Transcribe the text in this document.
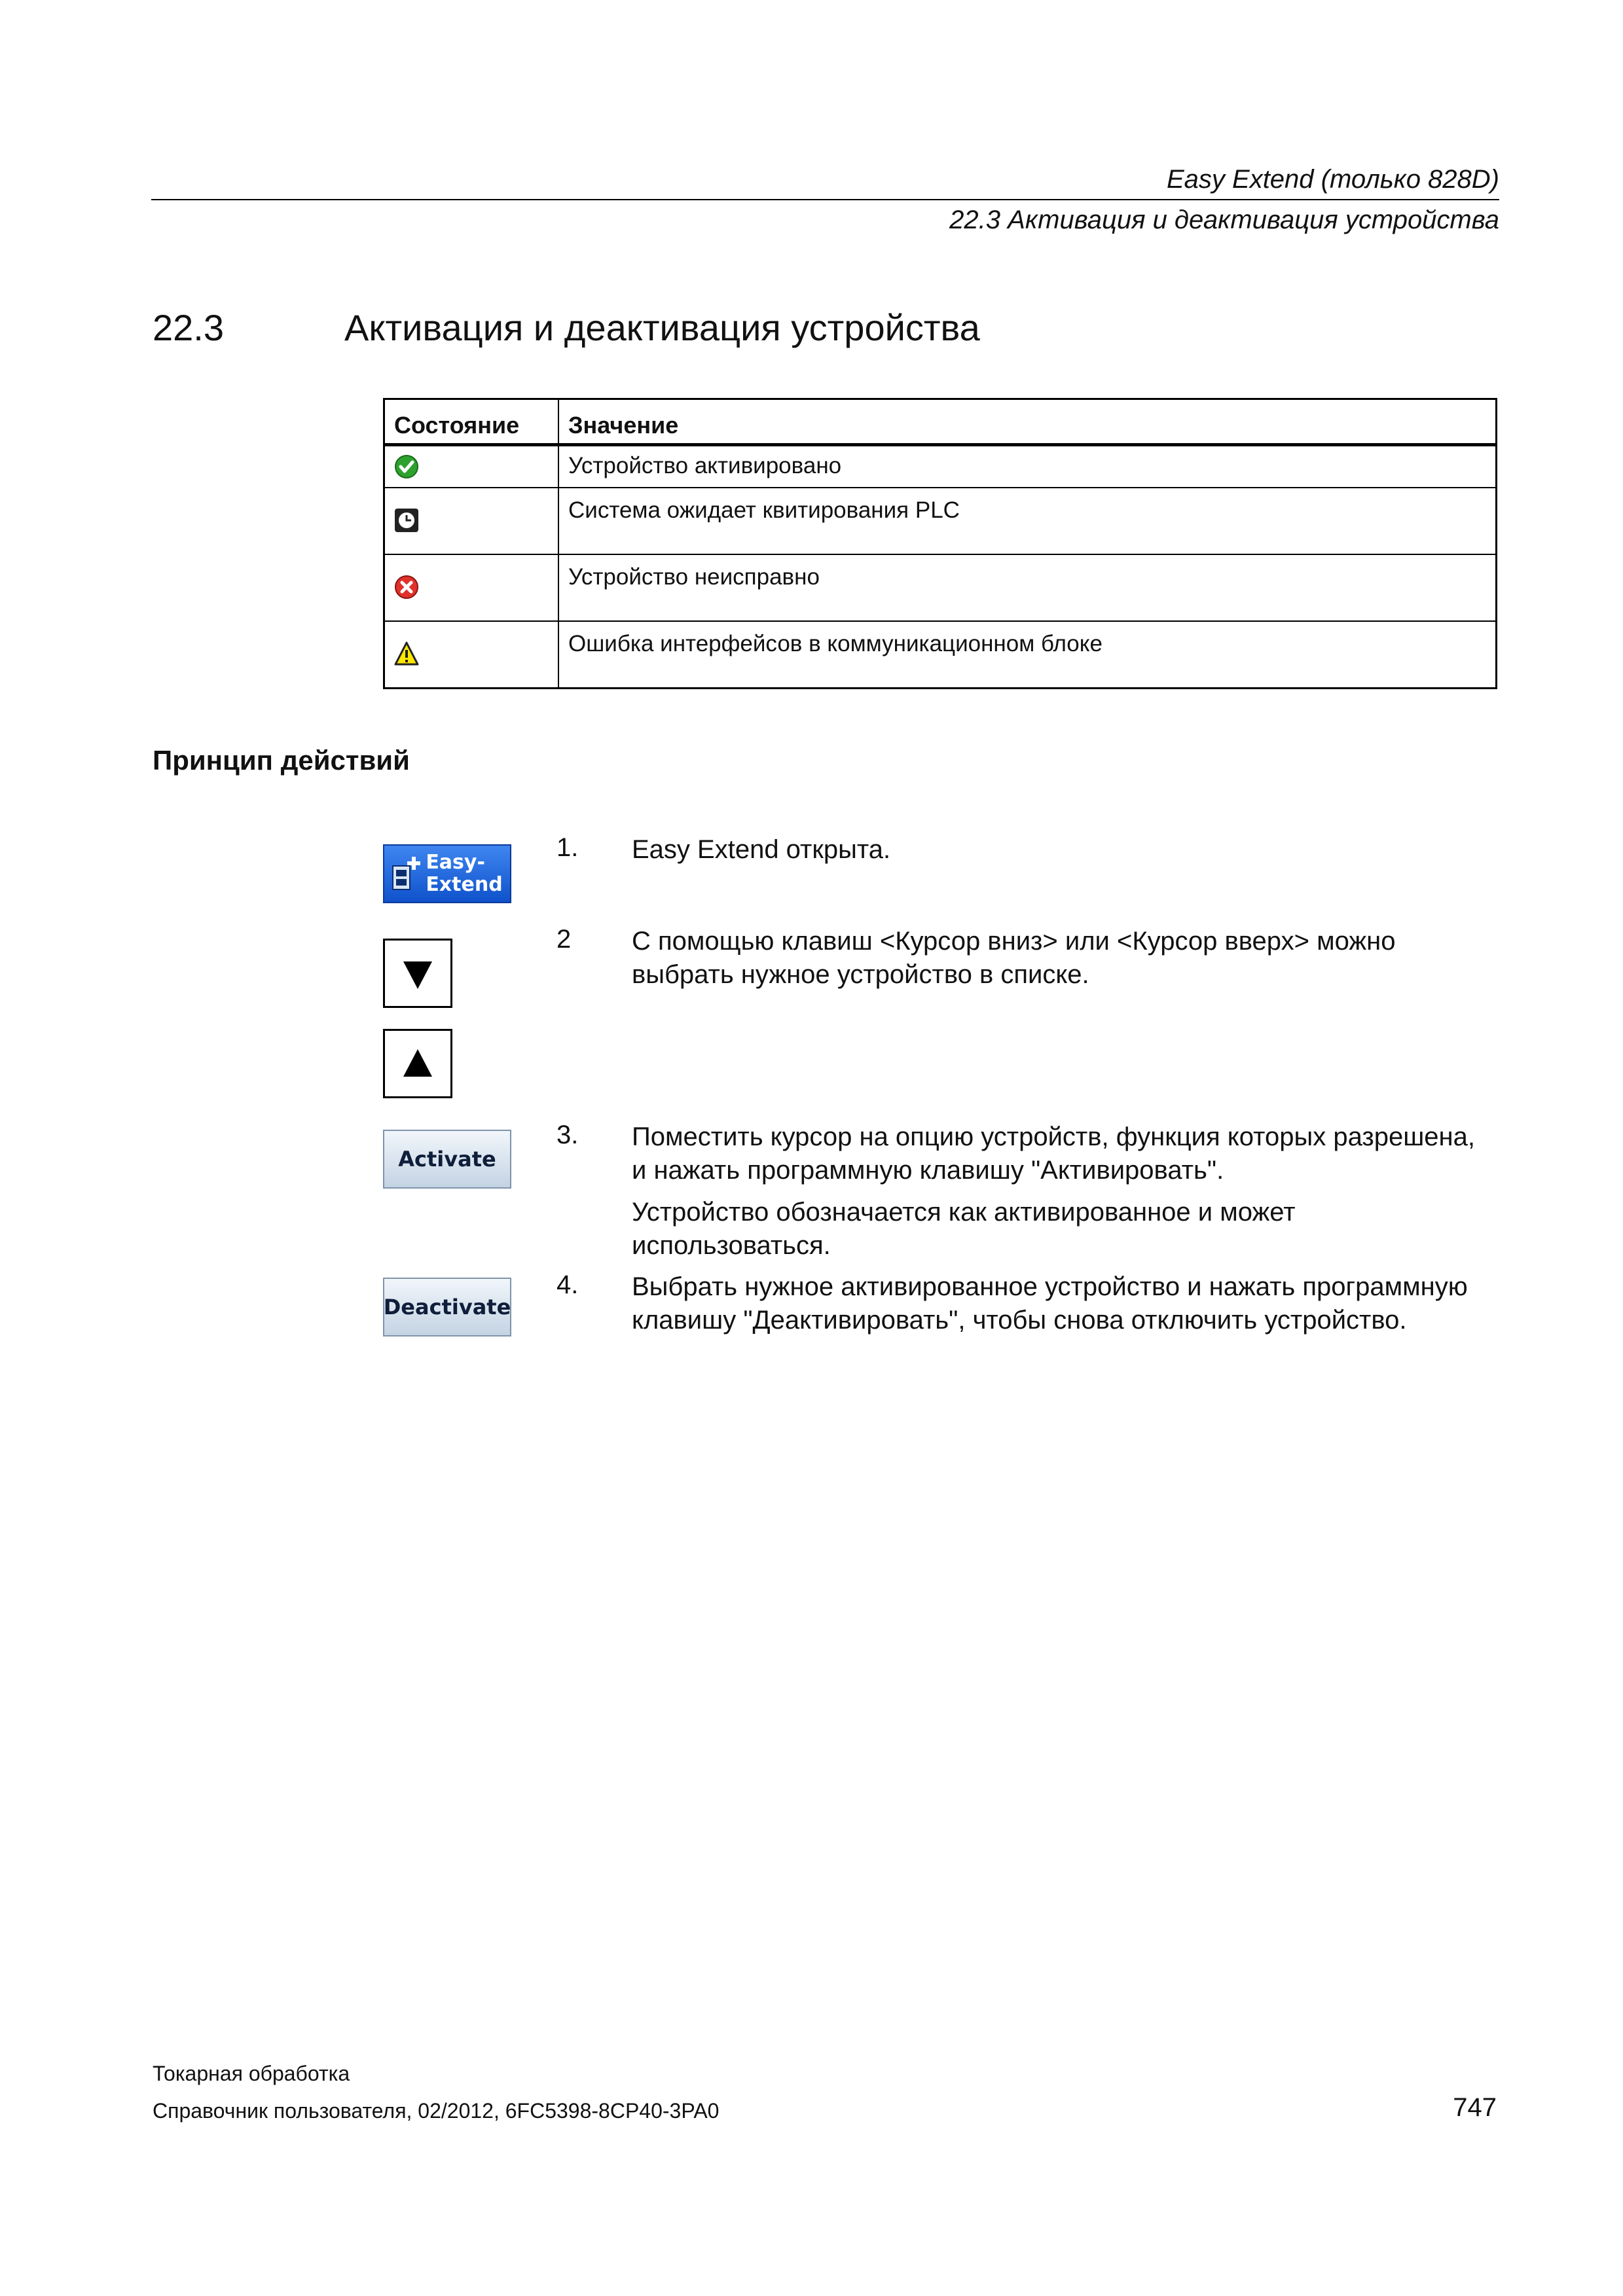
Easy Extend (только 828D)
22.3 Активация и деактивация устройства
22.3	Активация и деактивация устройства
Состояние	Значение
Устройство активировано
Система ожидает квитирования PLC
Устройство неисправно
Ошибка интерфейсов в коммуникационном блоке
Принцип действий
Easy-
Extend
Activate
Deactivate
1. Easy Extend открыта.
2 С помощью клавиш <Курсор вниз> или <Курсор вверх> можно выбрать нужное устройство в списке.
3. Поместить курсор на опцию устройств, функция которых разрешена, и нажать программную клавишу "Активировать".
Устройство обозначается как активированное и может использоваться.
4. Выбрать нужное активированное устройство и нажать программную клавишу "Деактивировать", чтобы снова отключить устройство.
Токарная обработка
Справочник пользователя, 02/2012, 6FC5398-8CP40-3PA0	747
